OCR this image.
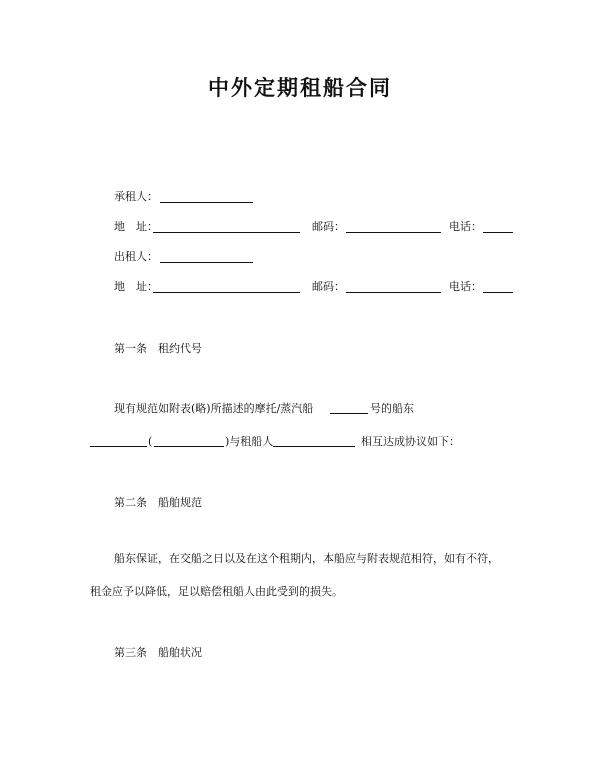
中外定期租船合同
承租人：
地　址：	邮码：	电话：
出租人：
地　址：	邮码：	电话：
第一条　租约代号
现有规范如附表(略)所描述的摩托/蒸汽船	号的船东
(	)与租船人	相互达成协议如下：
第二条　船舶规范
船东保证，在交船之日以及在这个租期内，本船应与附表规范相符，如有不符，
租金应予以降低，足以赔偿租船人由此受到的损失。
第三条　船舶状况
